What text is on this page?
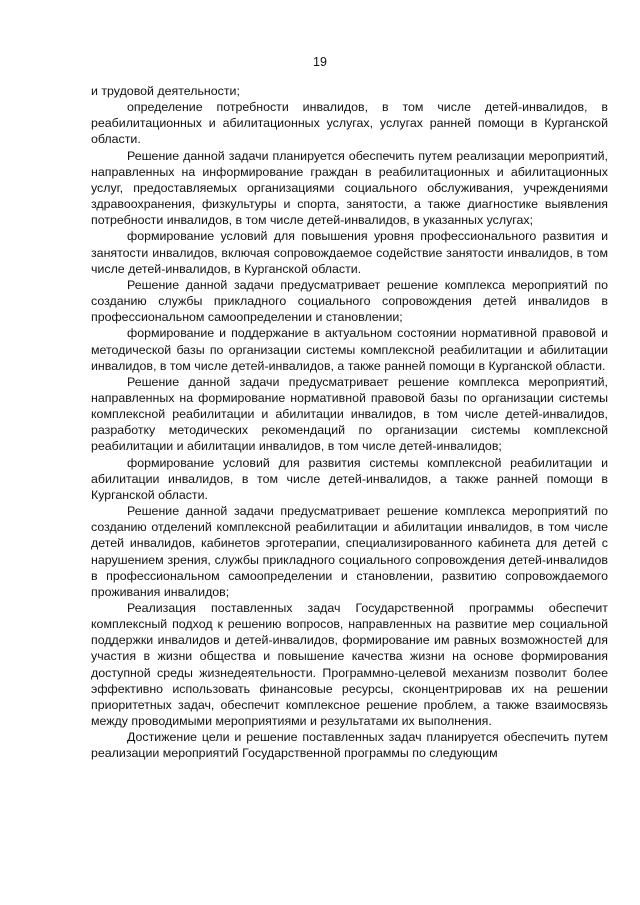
19

и трудовой деятельности;

определение потребности инвалидов, в том числе детей-инвалидов, в реабилитационных и абилитационных услугах, услугах ранней помощи в Курганской области.

Решение данной задачи планируется обеспечить путем реализации мероприятий, направленных на информирование граждан в реабилитационных и абилитационных услуг, предоставляемых организациями социального обслуживания, учреждениями здравоохранения, физкультуры и спорта, занятости, а также диагностике выявления потребности инвалидов, в том числе детей-инвалидов, в указанных услугах;

формирование условий для повышения уровня профессионального развития и занятости инвалидов, включая сопровождаемое содействие занятости инвалидов, в том числе детей-инвалидов, в Курганской области.

Решение данной задачи предусматривает решение комплекса мероприятий по созданию службы прикладного социального сопровождения детей инвалидов в профессиональном самоопределении и становлении;

формирование и поддержание в актуальном состоянии нормативной правовой и методической базы по организации системы комплексной реабилитации и абилитации инвалидов, в том числе детей-инвалидов, а также ранней помощи в Курганской области.

Решение данной задачи предусматривает решение комплекса мероприятий, направленных на формирование нормативной правовой базы по организации системы комплексной реабилитации и абилитации инвалидов, в том числе детей-инвалидов, разработку методических рекомендаций по организации системы комплексной реабилитации и абилитации инвалидов, в том числе детей-инвалидов;

формирование условий для развития системы комплексной реабилитации и абилитации инвалидов, в том числе детей-инвалидов, а также ранней помощи в Курганской области.

Решение данной задачи предусматривает решение комплекса мероприятий по созданию отделений комплексной реабилитации и абилитации инвалидов, в том числе детей инвалидов, кабинетов эрготерапии, специализированного кабинета для детей с нарушением зрения, службы прикладного социального сопровождения детей-инвалидов в профессиональном самоопределении и становлении, развитию сопровождаемого проживания инвалидов;

Реализация поставленных задач Государственной программы обеспечит комплексный подход к решению вопросов, направленных на развитие мер социальной поддержки инвалидов и детей-инвалидов, формирование им равных возможностей для участия в жизни общества и повышение качества жизни на основе формирования доступной среды жизнедеятельности. Программно-целевой механизм позволит более эффективно использовать финансовые ресурсы, сконцентрировав их на решении приоритетных задач, обеспечит комплексное решение проблем, а также взаимосвязь между проводимыми мероприятиями и результатами их выполнения.

Достижение цели и решение поставленных задач планируется обеспечить путем реализации мероприятий Государственной программы по следующим
